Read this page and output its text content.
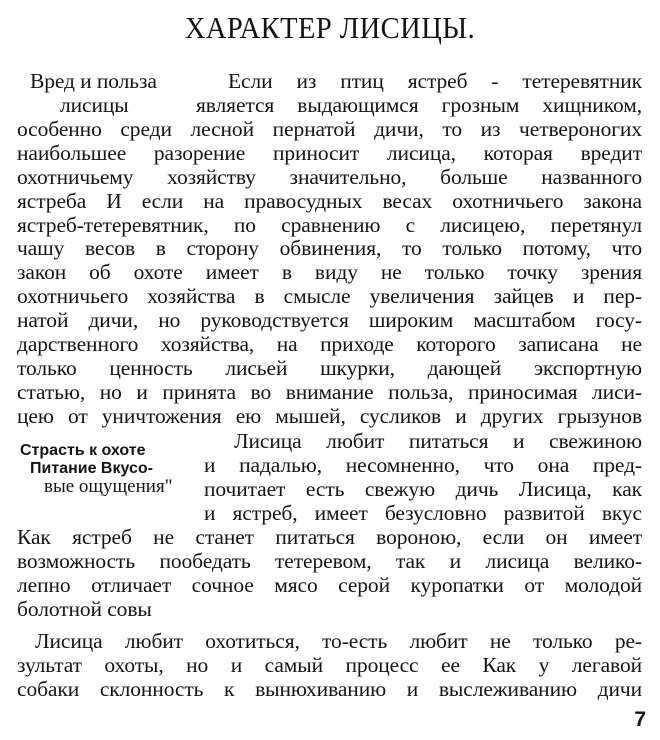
ХАРАКТЕР ЛИСИЦЫ.
Вред и польза
лисицы
Если из птиц ястреб - тетеревятник
является выдающимся грозным хищником,
особенно среди лесной пернатой дичи, то из четвероногих
наибольшее разорение приносит лисица, которая вредит
охотничьему хозяйству значительно, больше названного
ястреба И если на правосудных весах охотничьего закона
ястреб-тетеревятник, по сравнению с лисицею, перетянул
чашу весов в сторону обвинения, то только потому, что
закон об охоте имеет в виду не только точку зрения
охотничьего хозяйства в смысле увеличения зайцев и пер-
натой дичи, но руководствуется широким масштабом госу-
дарственного хозяйства, на приходе которого записана не
только ценность лисьей шкурки, дающей экспортную
статью, но и принята во внимание польза, приносимая лиси-
цею от уничтожения ею мышей, сусликов и других грызунов
Страсть к охоте
Питание Вкусо-
вые ощущения"
Лисица любит питаться и свежиною
и падалью, несомненно, что она пред-
почитает есть свежую дичь Лисица, как
и ястреб, имеет безусловно развитой вкус
Как ястреб не станет питаться вороною, если он имеет
возможность пообедать тетеревом, так и лисица велико-
лепно отличает сочное мясо серой куропатки от молодой
болотной совы
Лисица любит охотиться, то-есть любит не только ре-
зультат охоты, но и самый процесс ее Как у легавой
собаки склонность к вынюхиванию и выслеживанию дичи
7
